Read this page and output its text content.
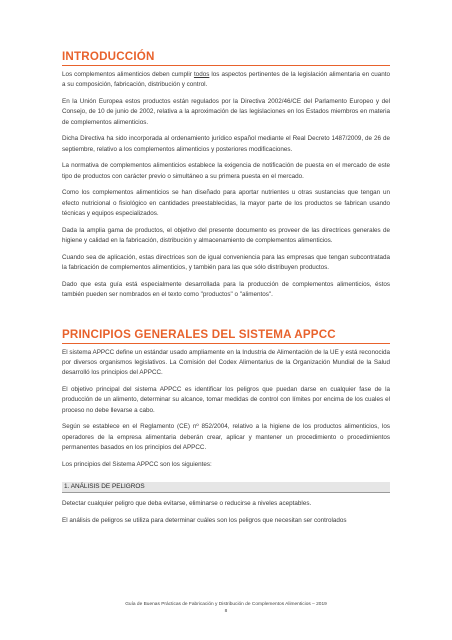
INTRODUCCIÓN

Los complementos alimenticios deben cumplir todos los aspectos pertinentes de la legislación alimentaria en cuanto a su composición, fabricación, distribución y control.

En la Unión Europea estos productos están regulados por la Directiva 2002/46/CE del Parlamento Europeo y del Consejo, de 10 de junio de 2002, relativa a la aproximación de las legislaciones en los Estados miembros en materia de complementos alimenticios.

Dicha Directiva ha sido incorporada al ordenamiento jurídico español mediante el Real Decreto 1487/2009, de 26 de septiembre, relativo a los complementos alimenticios y posteriores modificaciones.

La normativa de complementos alimenticios establece la exigencia de notificación de puesta en el mercado de este tipo de productos con carácter previo o simultáneo a su primera puesta en el mercado.

Como los complementos alimenticios se han diseñado para aportar nutrientes u otras sustancias que tengan un efecto nutricional o fisiológico en cantidades preestablecidas, la mayor parte de los productos se fabrican usando técnicas y equipos especializados.

Dada la amplia gama de productos, el objetivo del presente documento es proveer de las directrices generales de higiene y calidad en la fabricación, distribución y almacenamiento de complementos alimenticios.

Cuando sea de aplicación, estas directrices son de igual conveniencia para las empresas que tengan subcontratada la fabricación de complementos alimenticios, y también para las que sólo distribuyen productos.

Dado que esta guía está especialmente desarrollada para la producción de complementos alimenticios, éstos también pueden ser nombrados en el texto como "productos" o "alimentos".

PRINCIPIOS GENERALES DEL SISTEMA APPCC

El sistema APPCC define un estándar usado ampliamente en la Industria de Alimentación de la UE y está reconocida por diversos organismos legislativos. La Comisión del Codex Alimentarius de la Organización Mundial de la Salud desarrolló los principios del APPCC.

El objetivo principal del sistema APPCC es identificar los peligros que puedan darse en cualquier fase de la producción de un alimento, determinar su alcance, tomar medidas de control con límites por encima de los cuales el proceso no debe llevarse a cabo.

Según se establece en el Reglamento (CE) nº 852/2004, relativo a la higiene de los productos alimenticios, los operadores de la empresa alimentaria deberán crear, aplicar y mantener un procedimiento o procedimientos permanentes basados en los principios del APPCC.

Los principios del Sistema APPCC son los siguientes:

1. ANÁLISIS DE PELIGROS

Detectar cualquier peligro que deba evitarse, eliminarse o reducirse a niveles aceptables.

El análisis de peligros se utiliza para determinar cuáles son los peligros que necesitan ser controlados

Guía de Buenas Prácticas de Fabricación y Distribución de Complementos Alimenticios – 2019
8
